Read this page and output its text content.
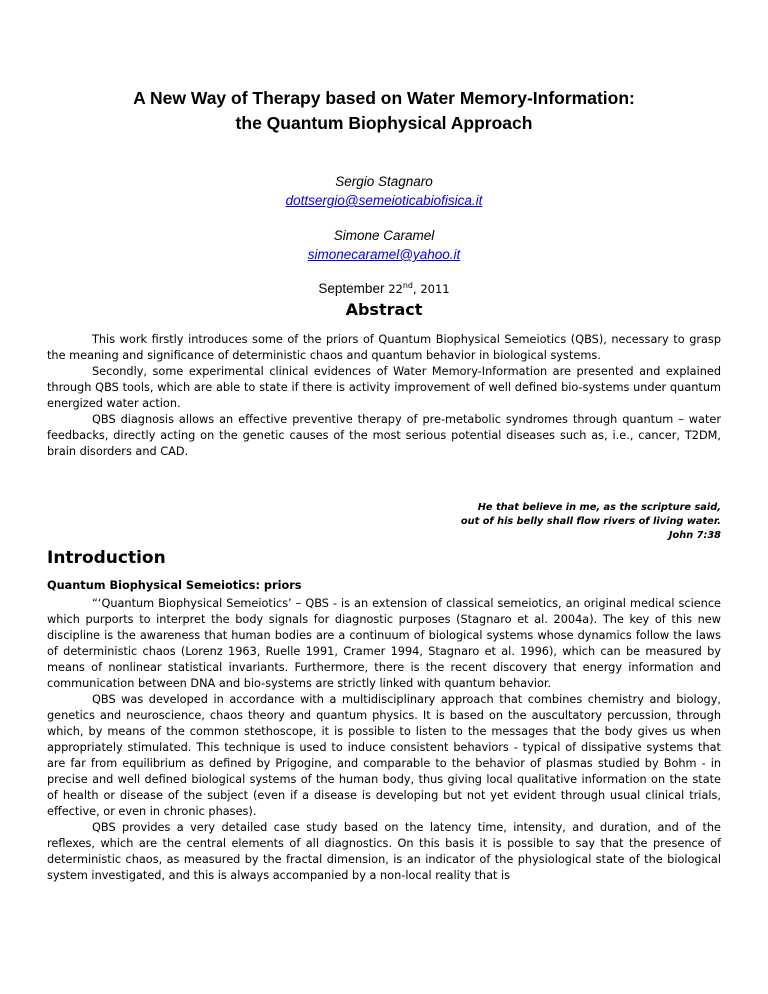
A New Way of Therapy based on Water Memory-Information:
the Quantum Biophysical Approach
Sergio Stagnaro
dottsergio@semeioticabiofisica.it
Simone Caramel
simonecaramel@yahoo.it
September 22nd, 2011
Abstract

This work firstly introduces some of the priors of Quantum Biophysical Semeiotics (QBS), necessary to grasp the meaning and significance of deterministic chaos and quantum behavior in biological systems.

Secondly, some experimental clinical evidences of Water Memory-Information are presented and explained through QBS tools, which are able to state if there is activity improvement of well defined bio-systems under quantum energized water action.

QBS diagnosis allows an effective preventive therapy of pre-metabolic syndromes through quantum – water feedbacks, directly acting on the genetic causes of the most serious potential diseases such as, i.e., cancer, T2DM, brain disorders and CAD.

He that believe in me, as the scripture said,
out of his belly shall flow rivers of living water.
John 7:38
Introduction
Quantum Biophysical Semeiotics: priors

“‘Quantum Biophysical Semeiotics’ – QBS - is an extension of classical semeiotics, an original medical science which purports to interpret the body signals for diagnostic purposes (Stagnaro et al. 2004a). The key of this new discipline is the awareness that human bodies are a continuum of biological systems whose dynamics follow the laws of deterministic chaos (Lorenz 1963, Ruelle 1991, Cramer 1994, Stagnaro et al. 1996), which can be measured by means of nonlinear statistical invariants. Furthermore, there is the recent discovery that energy information and communication between DNA and bio-systems are strictly linked with quantum behavior.

QBS was developed in accordance with a multidisciplinary approach that combines chemistry and biology, genetics and neuroscience, chaos theory and quantum physics. It is based on the auscultatory percussion, through which, by means of the common stethoscope, it is possible to listen to the messages that the body gives us when appropriately stimulated. This technique is used to induce consistent behaviors - typical of dissipative systems that are far from equilibrium as defined by Prigogine, and comparable to the behavior of plasmas studied by Bohm - in precise and well defined biological systems of the human body, thus giving local qualitative information on the state of health or disease of the subject (even if a disease is developing but not yet evident through usual clinical trials, effective, or even in chronic phases).

QBS provides a very detailed case study based on the latency time, intensity, and duration, and of the reflexes, which are the central elements of all diagnostics. On this basis it is possible to say that the presence of deterministic chaos, as measured by the fractal dimension, is an indicator of the physiological state of the biological system investigated, and this is always accompanied by a non-local reality that is
